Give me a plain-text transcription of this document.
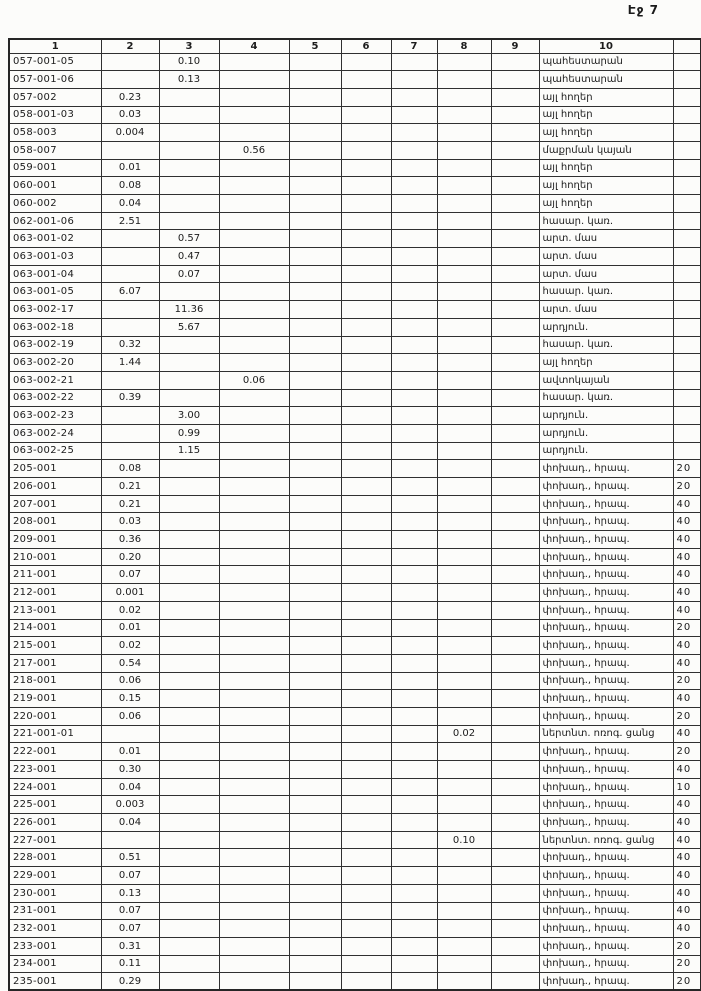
Էջ 7
1	2	3	4	5	6	7	8	9	10	
057-001-05		0.10							պահեստարան	
057-001-06		0.13							պահեստարան	
057-002	0.23								այլ հողեր	
058-001-03	0.03								այլ հողեր	
058-003	0.004								այլ հողեր	
058-007			0.56						մաքրման կայան	
059-001	0.01								այլ հողեր	
060-001	0.08								այլ հողեր	
060-002	0.04								այլ հողեր	
062-001-06	2.51								հասար. կառ.	
063-001-02		0.57							արտ. մաս	
063-001-03		0.47							արտ. մաս	
063-001-04		0.07							արտ. մաս	
063-001-05	6.07								հասար. կառ.	
063-002-17		11.36							արտ. մաս	
063-002-18		5.67							արդյուն.	
063-002-19	0.32								հասար. կառ.	
063-002-20	1.44								այլ հողեր	
063-002-21			0.06						ավտոկայան	
063-002-22	0.39								հասար. կառ.	
063-002-23		3.00							արդյուն.	
063-002-24		0.99							արդյուն.	
063-002-25		1.15							արդյուն.	
205-001	0.08								փոխադ., հրապ.	20
206-001	0.21								փոխադ., հրապ.	20
207-001	0.21								փոխադ., հրապ.	40
208-001	0.03								փոխադ., հրապ.	40
209-001	0.36								փոխադ., հրապ.	40
210-001	0.20								փոխադ., հրապ.	40
211-001	0.07								փոխադ., հրապ.	40
212-001	0.001								փոխադ., հրապ.	40
213-001	0.02								փոխադ., հրապ.	40
214-001	0.01								փոխադ., հրապ.	20
215-001	0.02								փոխադ., հրապ.	40
217-001	0.54								փոխադ., հրապ.	40
218-001	0.06								փոխադ., հրապ.	20
219-001	0.15								փոխադ., հրապ.	40
220-001	0.06								փոխադ., հրապ.	20
221-001-01							0.02		ներտնտ. ոռոգ. ցանց	40
222-001	0.01								փոխադ., հրապ.	20
223-001	0.30								փոխադ., հրապ.	40
224-001	0.04								փոխադ., հրապ.	10
225-001	0.003								փոխադ., հրապ.	40
226-001	0.04								փոխադ., հրապ.	40
227-001							0.10		ներտնտ. ոռոգ. ցանց	40
228-001	0.51								փոխադ., հրապ.	40
229-001	0.07								փոխադ., հրապ.	40
230-001	0.13								փոխադ., հրապ.	40
231-001	0.07								փոխադ., հրապ.	40
232-001	0.07								փոխադ., հրապ.	40
233-001	0.31								փոխադ., հրապ.	20
234-001	0.11								փոխադ., հրապ.	20
235-001	0.29								փոխադ., հրապ.	20
